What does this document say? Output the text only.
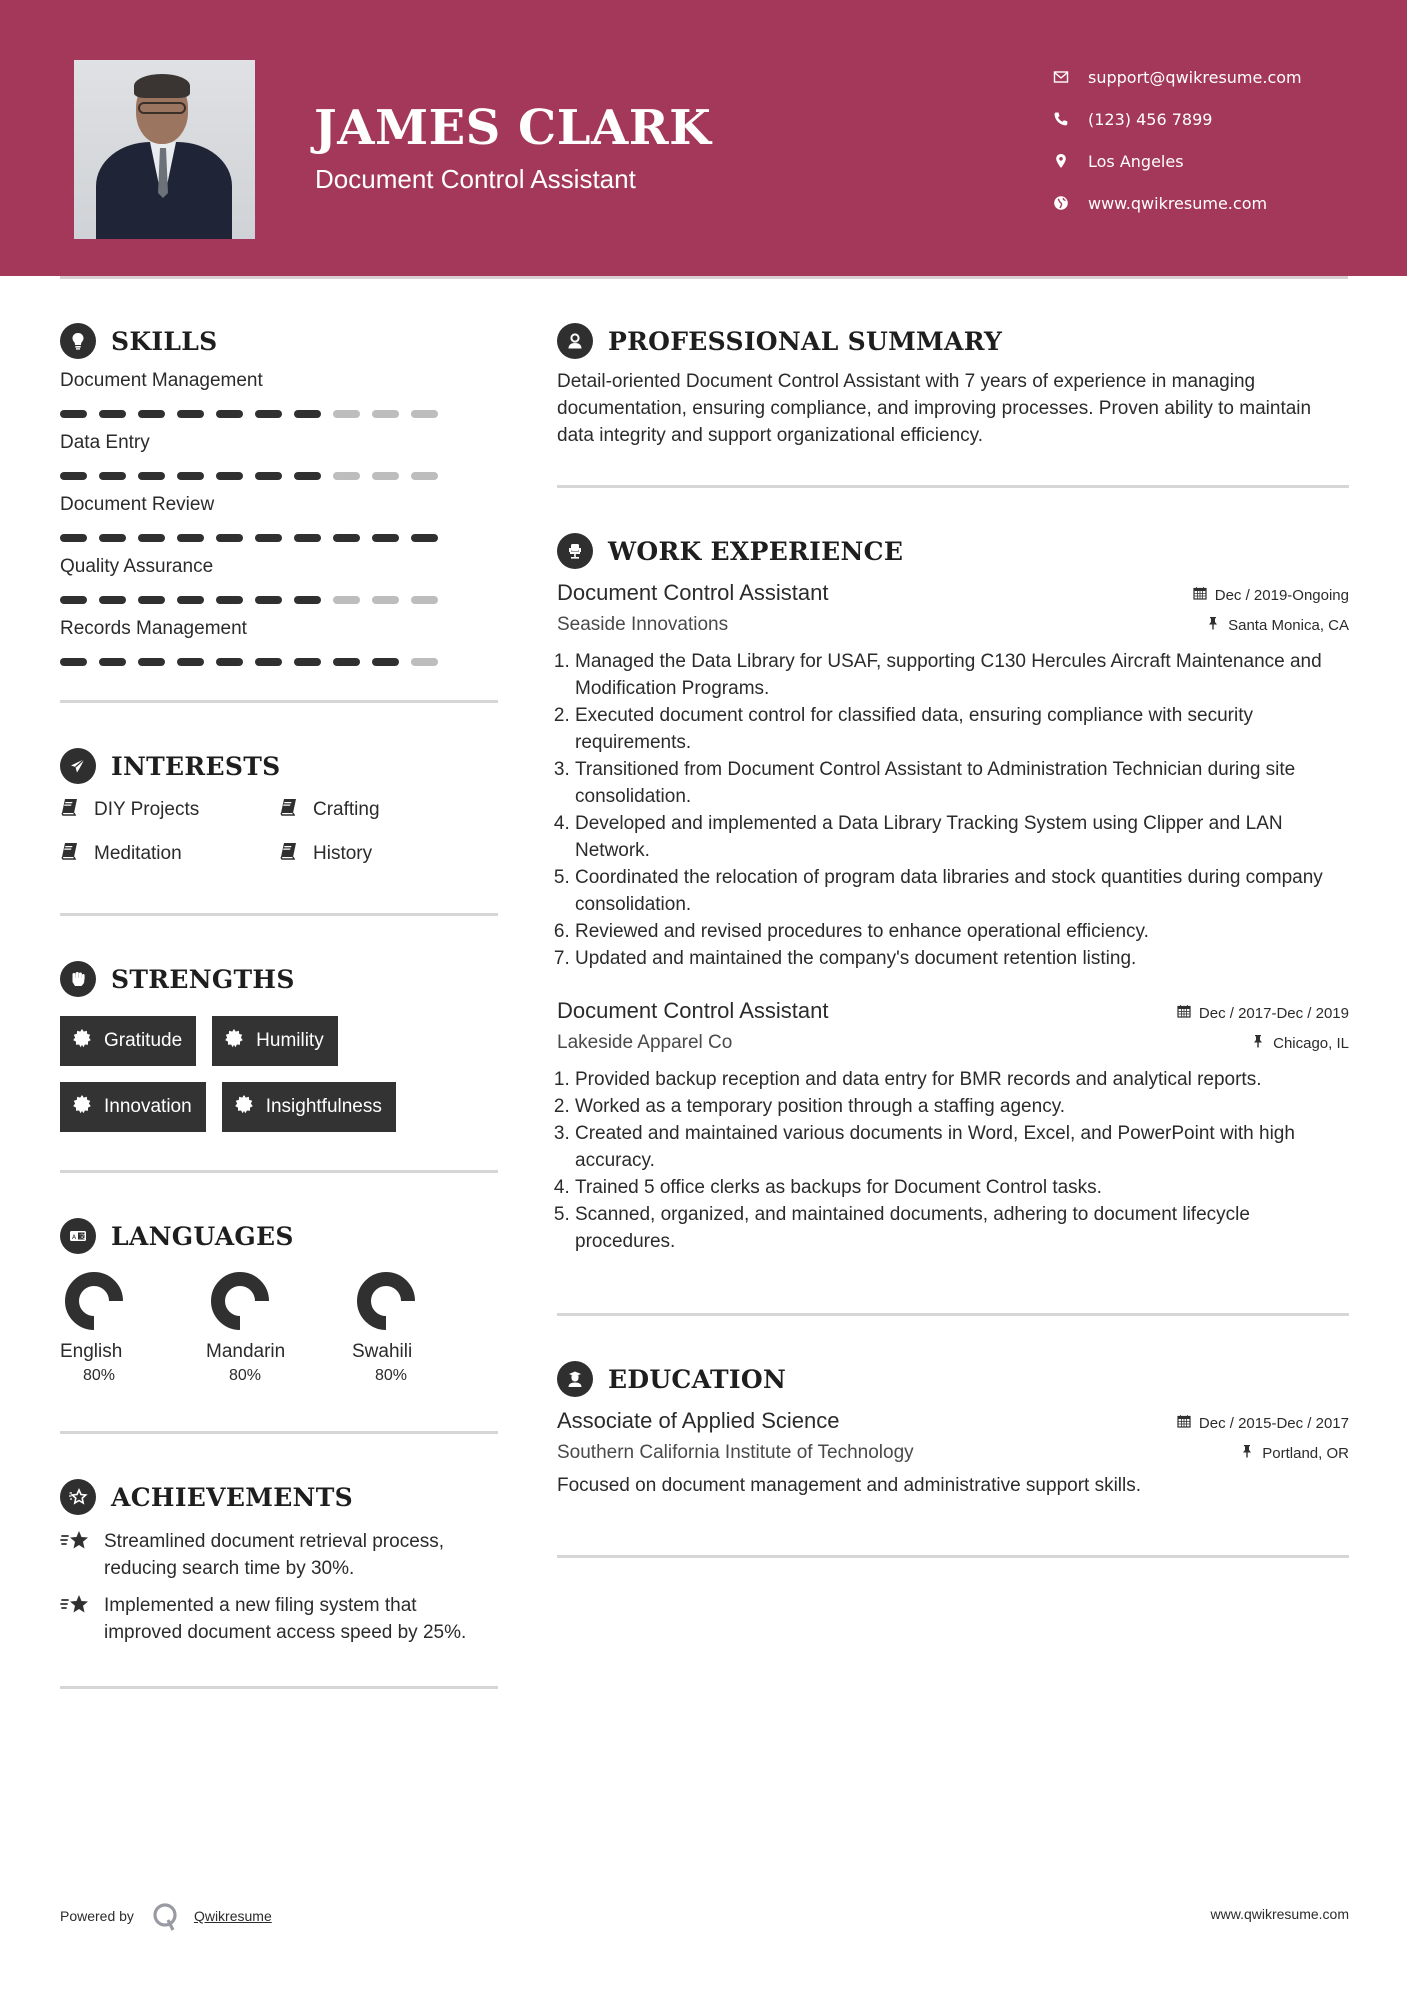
JAMES CLARK
Document Control Assistant
support@qwikresume.com
(123) 456 7899
Los Angeles
www.qwikresume.com
SKILLS
Document Management
Data Entry
Document Review
Quality Assurance
Records Management
INTERESTS
DIY Projects	Crafting
Meditation	History
STRENGTHS
Gratitude	Humility
Innovation	Insightfulness
A 文 LANGUAGES
English
80%
Mandarin
80%
Swahili
80%
ACHIEVEMENTS
Streamlined document retrieval process, reducing search time by 30%.
Implemented a new filing system that improved document access speed by 25%.
PROFESSIONAL SUMMARY

Detail-oriented Document Control Assistant with 7 years of experience in managing documentation, ensuring compliance, and improving processes. Proven ability to maintain data integrity and support organizational efficiency.

WORK EXPERIENCE
Document Control Assistant	Dec / 2019-Ongoing
Seaside Innovations	Santa Monica, CA
1. Managed the Data Library for USAF, supporting C130 Hercules Aircraft Maintenance and Modification Programs.
2. Executed document control for classified data, ensuring compliance with security requirements.
3. Transitioned from Document Control Assistant to Administration Technician during site consolidation.
4. Developed and implemented a Data Library Tracking System using Clipper and LAN Network.
5. Coordinated the relocation of program data libraries and stock quantities during company consolidation.
6. Reviewed and revised procedures to enhance operational efficiency.
7. Updated and maintained the company's document retention listing.
Document Control Assistant	Dec / 2017-Dec / 2019
Lakeside Apparel Co	Chicago, IL
1. Provided backup reception and data entry for BMR records and analytical reports.
2. Worked as a temporary position through a staffing agency.
3. Created and maintained various documents in Word, Excel, and PowerPoint with high accuracy.
4. Trained 5 office clerks as backups for Document Control tasks.
5. Scanned, organized, and maintained documents, adhering to document lifecycle procedures.
EDUCATION
Associate of Applied Science	Dec / 2015-Dec / 2017
Southern California Institute of Technology	Portland, OR

Focused on document management and administrative support skills.

Powered by	Qwikresume	www.qwikresume.com
